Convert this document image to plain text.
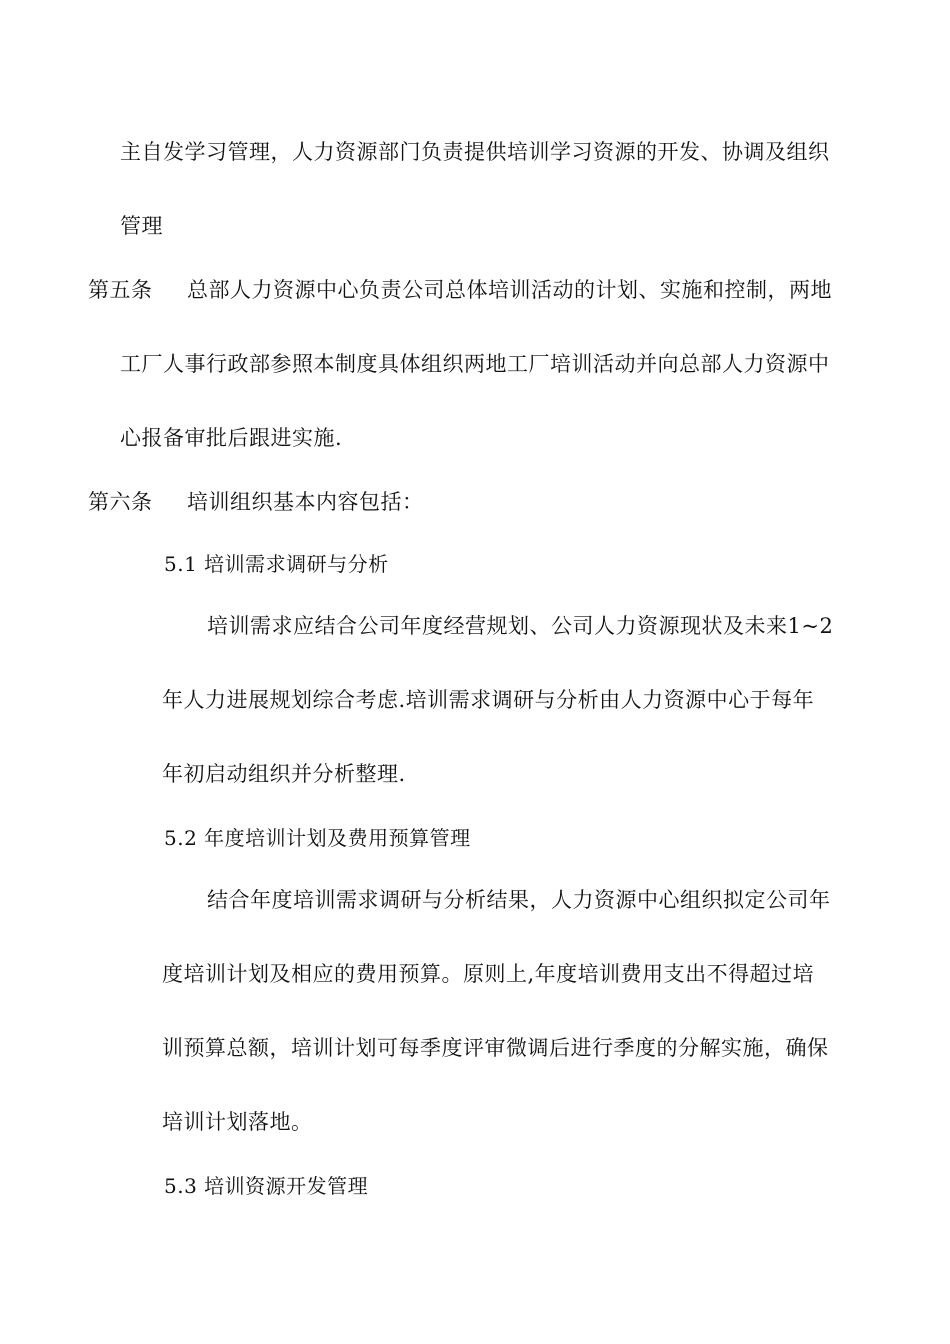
主自发学习管理，人力资源部门负责提供培训学习资源的开发、协调及组织
管理
第五条 总部人力资源中心负责公司总体培训活动的计划、实施和控制，两地
工厂人事行政部参照本制度具体组织两地工厂培训活动并向总部人力资源中
心报备审批后跟进实施.
第六条 培训组织基本内容包括：
5.1 培训需求调研与分析
培训需求应结合公司年度经营规划、公司人力资源现状及未来1~2
年人力进展规划综合考虑.培训需求调研与分析由人力资源中心于每年
年初启动组织并分析整理.
5.2 年度培训计划及费用预算管理
结合年度培训需求调研与分析结果，人力资源中心组织拟定公司年
度培训计划及相应的费用预算。原则上,年度培训费用支出不得超过培
训预算总额，培训计划可每季度评审微调后进行季度的分解实施，确保
培训计划落地。
5.3 培训资源开发管理
